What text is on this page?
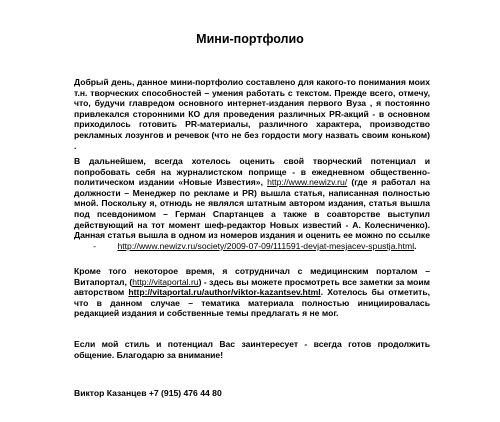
Мини-портфолио
Добрый день, данное мини-портфолио составлено для какого-то понимания моих т.н. творческих способностей – умения работать с текстом. Прежде всего, отмечу, что, будучи главредом основного интернет-издания первого Вуза , я постоянно привлекался сторонними КО для проведения различных PR-акций - в основном приходилось готовить PR-материалы, различного характера, производство рекламных лозунгов и речевок (что не без гордости могу назвать своим коньком) .
В дальнейшем, всегда хотелось оценить свой творческий потенциал и попробовать себя на журналистском поприще - в ежедневном общественно-политическом издании «Новые Известия», http://www.newizv.ru/ (где я работал на должности – Менеджер по рекламе и PR) вышла статья, написанная полностью мной. Поскольку я, отнюдь не являлся штатным автором издания, статья вышла под псевдонимом – Герман Спартанцев а также в соавторстве выступил действующий на тот момент шеф-редактор Новых известий - А. Колесниченко). Данная статья вышла в одном из номеров издания и оценить ее можно по ссылке         -	http://www.newizv.ru/society/2009-07-09/111591-devjat-mesjacev-spustja.html.
Кроме того некоторое время, я сотрудничал с медицинским порталом – Витапортал, (http://vitaportal.ru) - здесь вы можете просмотреть все заметки за моим авторством http://vitaportal.ru/author/viktor-kazantsev.html. Хотелось бы отметить, что в данном случае – тематика материала полностью инициировалась редакцией издания и собственные темы предлагать я не мог.
Если мой стиль и потенциал Вас заинтересует - всегда готов продолжить общение. Благодарю за внимание!
Виктор Казанцев +7 (915) 476 44 80
